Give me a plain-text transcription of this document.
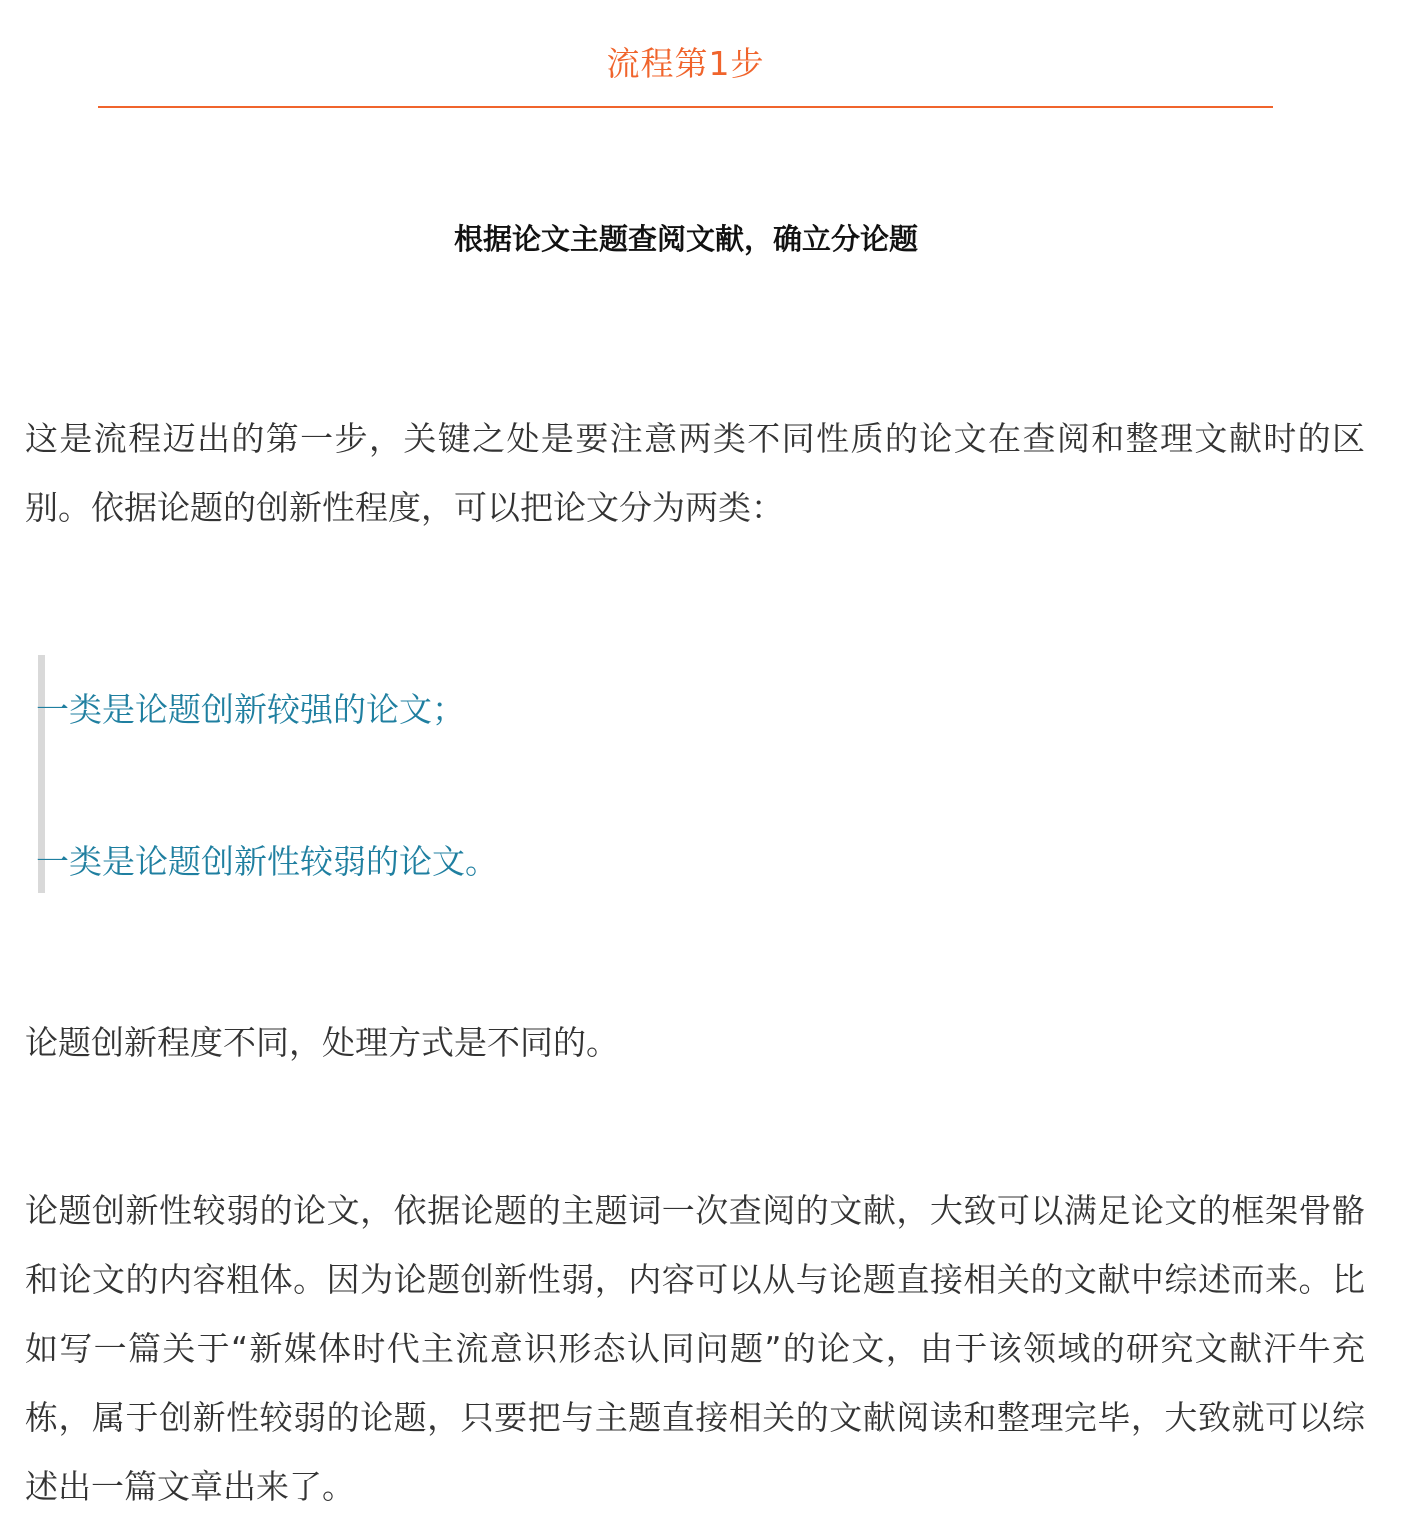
流程第1步
根据论文主题查阅文献，确立分论题

这是流程迈出的第一步，关键之处是要注意两类不同性质的论文在查阅和整理文献时的区别。依据论题的创新性程度，可以把论文分为两类：

一类是论题创新较强的论文；

一类是论题创新性较弱的论文。

论题创新程度不同，处理方式是不同的。

论题创新性较弱的论文，依据论题的主题词一次查阅的文献，大致可以满足论文的框架骨骼和论文的内容粗体。因为论题创新性弱，内容可以从与论题直接相关的文献中综述而来。比如写一篇关于“新媒体时代主流意识形态认同问题”的论文，由于该领域的研究文献汗牛充栋，属于创新性较弱的论题，只要把与主题直接相关的文献阅读和整理完毕，大致就可以综述出一篇文章出来了。
